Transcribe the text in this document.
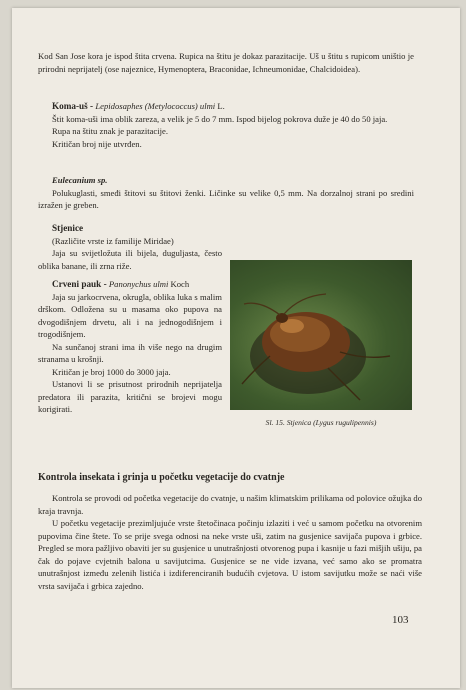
Kod San Jose kora je ispod štita crvena. Rupica na štitu je dokaz parazitacije. Uš u štitu s rupicom uništio je prirodni neprijatelj (ose najeznice, Hymenoptera, Braconidae, Ichneumonidae, Chalcidoidea).

Koma-uš - Lepidosaphes (Metylococcus) ulmi L.

Štit koma-uši ima oblik zareza, a velik je 5 do 7 mm. Ispod bijelog pokrova duže je 40 do 50 jaja.

Rupa na štitu znak je parazitacije.

Kritičan broj nije utvrđen.

Eulecanium sp.

Polukuglasti, smeđi štitovi su štitovi ženki. Ličinke su velike 0,5 mm. Na dorzalnoj strani po sredini izražen je greben.

Stjenice

(Različite vrste iz familije Miridae)

Jaja su svijetložuta ili bijela, duguljasta, često oblika banane, ili zrna riže.

Crveni pauk - Panonychus ulmi Koch

Jaja su jarkocrvena, okrugla, oblika luka s malim drškom. Odložena su u masama oko pupova na dvogodišnjem drvetu, ali i na jednogodišnjem i trogodišnjem.

Na sunčanoj strani ima ih više nego na drugim stranama u krošnji.

Kritičan je broj 1000 do 3000 jaja.

Ustanovi li se prisutnost prirodnih neprijatelja predatora ili parazita, kritični se brojevi mogu korigirati.

Sl. 15. Stjenica (Lygus rugulipennis)
Kontrola insekata i grinja u početku vegetacije do cvatnje

Kontrola se provodi od početka vegetacije do cvatnje, u našim klimatskim prilikama od polovice ožujka do kraja travnja.

U početku vegetacije prezimljujuće vrste štetočinaca počinju izlaziti i već u samom početku na otvorenim pupovima čine štete. To se prije svega odnosi na neke vrste uši, zatim na gusjenice savijača pupova i grbice. Pregled se mora pažljivo obaviti jer su gusjenice u unutrašnjosti otvorenog pupa i kasnije u fazi mišjih ušiju, pa čak do pojave cvjetnih balona u savijutcima. Gusjenice se ne vide izvana, već samo ako se promatra unutrašnjost između zelenih listića i izdiferenciranih budućih cvjetova. U istom savijutku može se naći više vrsta savijača i grbica zajedno.

103
